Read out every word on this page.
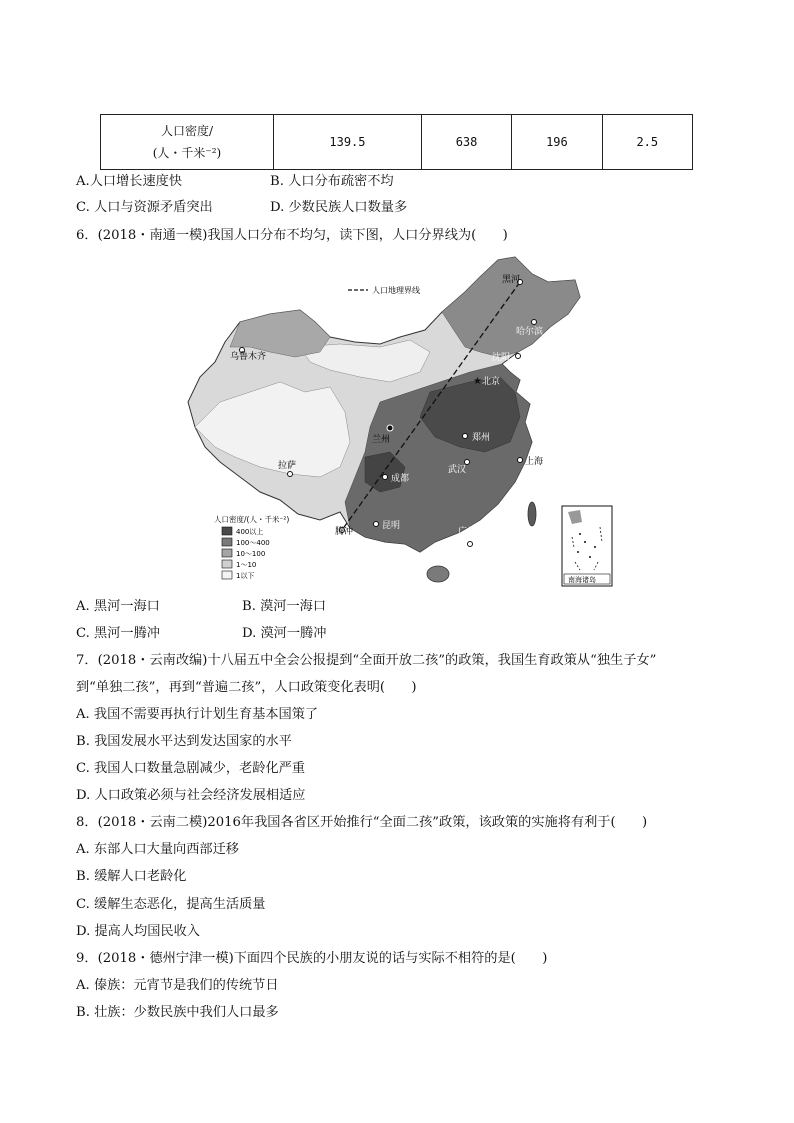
人口密度/
(人・千米⁻²)
	139.5	638	196	2.5
A.人口增长速度快	B. 人口分布疏密不均
C. 人口与资源矛盾突出	D. 少数民族人口数量多
6．(2018・南通一模)我国人口分布不均匀，读下图，人口分界线为(　　)
人口地理界线
黑河
哈尔滨
沈阳
★ 北京
乌鲁木齐
兰州	郑州
上海
武汉
成都
拉萨
昆明
腾冲	广州
人口密度/(人・千米⁻²)
400以上
100～400
10～100
1～10
1以下	南海诸岛
A. 黑河一海口	B. 漠河一海口
C. 黑河一腾冲	D. 漠河一腾冲
7．(2018・云南改编)十八届五中全会公报提到“全面开放二孩”的政策，我国生育政策从“独生子女”
到“单独二孩”，再到“普遍二孩”，人口政策变化表明(　　)
A. 我国不需要再执行计划生育基本国策了
B. 我国发展水平达到发达国家的水平
C. 我国人口数量急剧减少，老龄化严重
D. 人口政策必须与社会经济发展相适应
8．(2018・云南二模)2016年我国各省区开始推行“全面二孩”政策，该政策的实施将有利于(　　)
A. 东部人口大量向西部迁移
B. 缓解人口老龄化
C. 缓解生态恶化，提高生活质量
D. 提高人均国民收入
9．(2018・德州宁津一模)下面四个民族的小朋友说的话与实际不相符的是(　　)
A. 傣族：元宵节是我们的传统节日
B. 壮族：少数民族中我们人口最多
